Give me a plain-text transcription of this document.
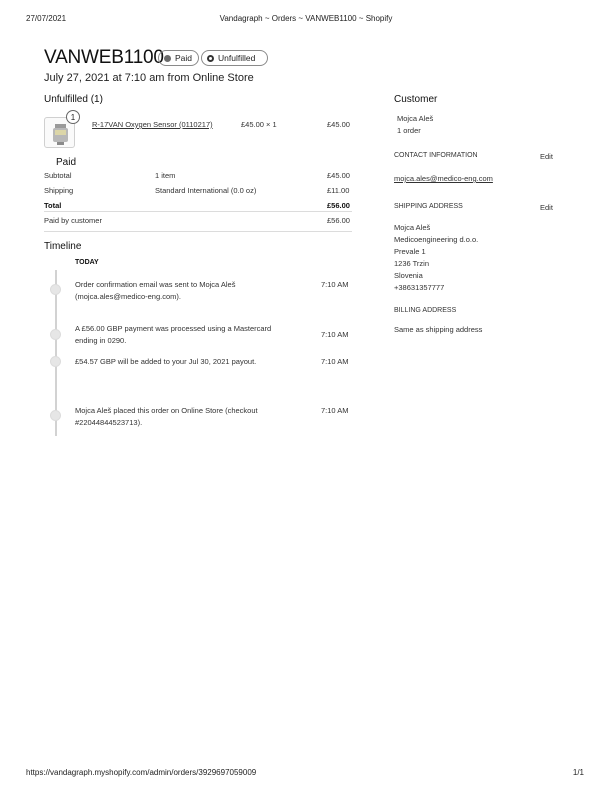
27/07/2021	Vandagraph ~ Orders ~ VANWEB1100 ~ Shopify
https://vandagraph.myshopify.com/admin/orders/3929697059009	1/1
VANWEB1100 Paid	Unfulfilled
July 27, 2021 at 7:10 am from Online Store
Unfulfilled (1)
1
R-17VAN Oxygen Sensor (0110217)	£45.00 × 1	£45.00
Paid
Subtotal	1 item	£45.00
Shipping	Standard International (0.0 oz)	£11.00
Total	£56.00
Paid by customer	£56.00
Timeline
TODAY
Order confirmation email was sent to Mojca Aleš
(mojca.ales@medico-eng.com).
7:10 AM
A £56.00 GBP payment was processed using a Mastercard
ending in 0290.
7:10 AM
£54.57 GBP will be added to your Jul 30, 2021 payout.	7:10 AM
Mojca Aleš placed this order on Online Store (checkout
#22044844523713).
7:10 AM
Customer
Mojca Aleš
1 order
CONTACT INFORMATION	Edit
mojca.ales@medico-eng.com
SHIPPING ADDRESS	Edit
Mojca Aleš
Medicoengineering d.o.o.
Prevale 1
1236 Trzin
Slovenia
+38631357777
BILLING ADDRESS
Same as shipping address
